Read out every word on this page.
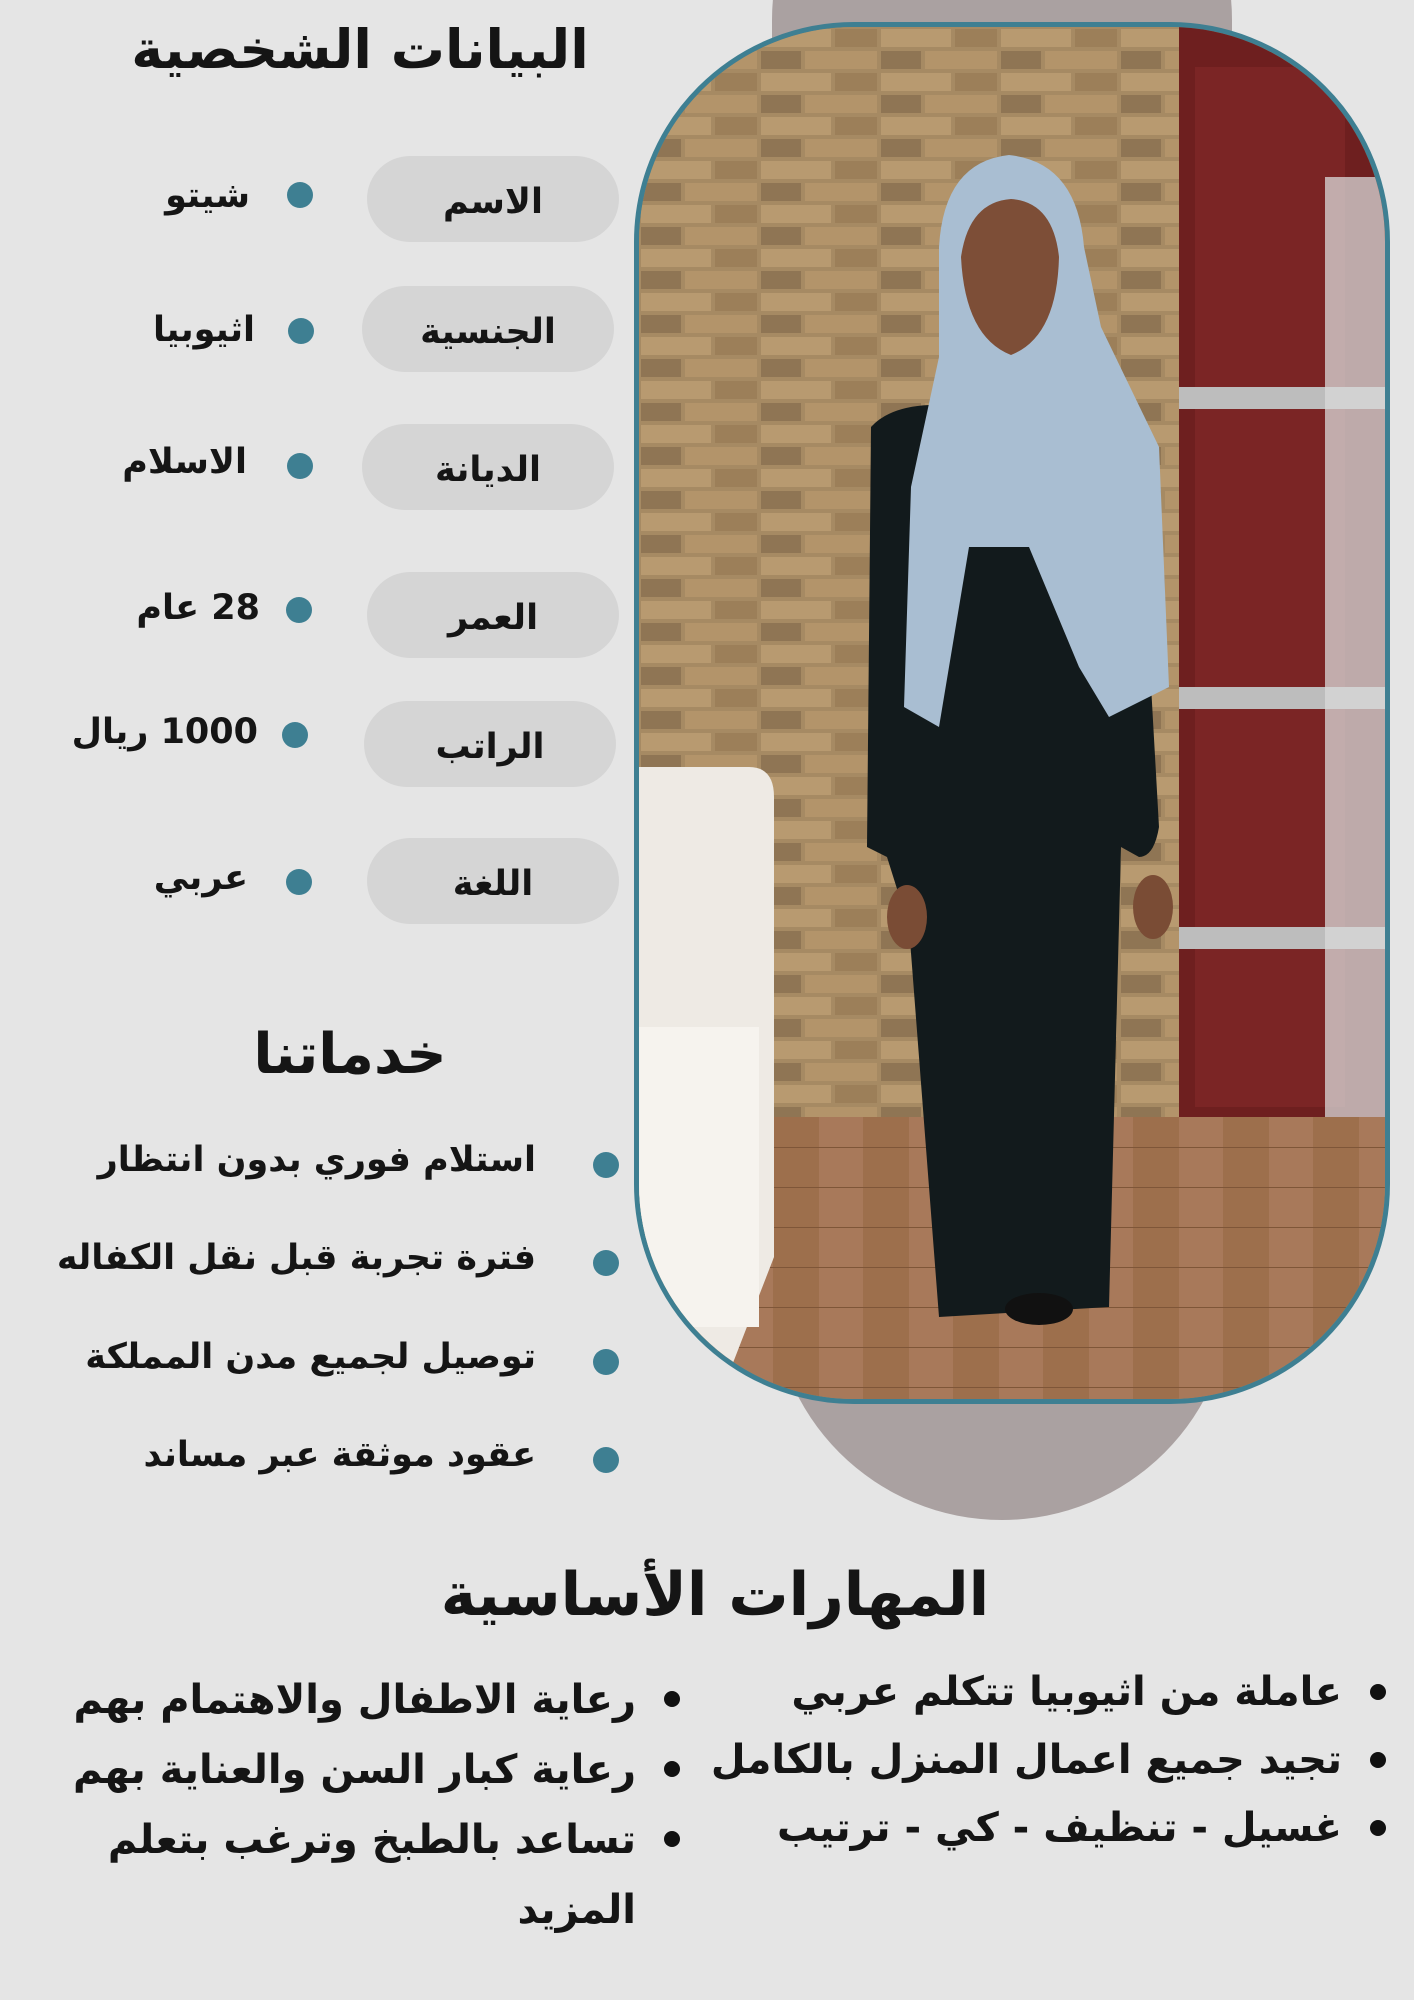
البيانات الشخصية
الاسم
شيتو
الجنسية
اثيوبيا
الديانة
الاسلام
العمر
28 عام
الراتب
1000 ريال
اللغة
عربي
خدماتنا
استلام فوري بدون انتظار
فترة تجربة قبل نقل الكفاله
توصيل لجميع مدن المملكة
عقود موثقة عبر مساند
المهارات الأساسية
عاملة من اثيوبيا تتكلم عربي
تجيد جميع اعمال المنزل بالكامل
غسيل - تنظيف - كي - ترتيب
رعاية الاطفال والاهتمام بهم
رعاية كبار السن والعناية بهم
تساعد بالطبخ وترغب بتعلم المزيد
